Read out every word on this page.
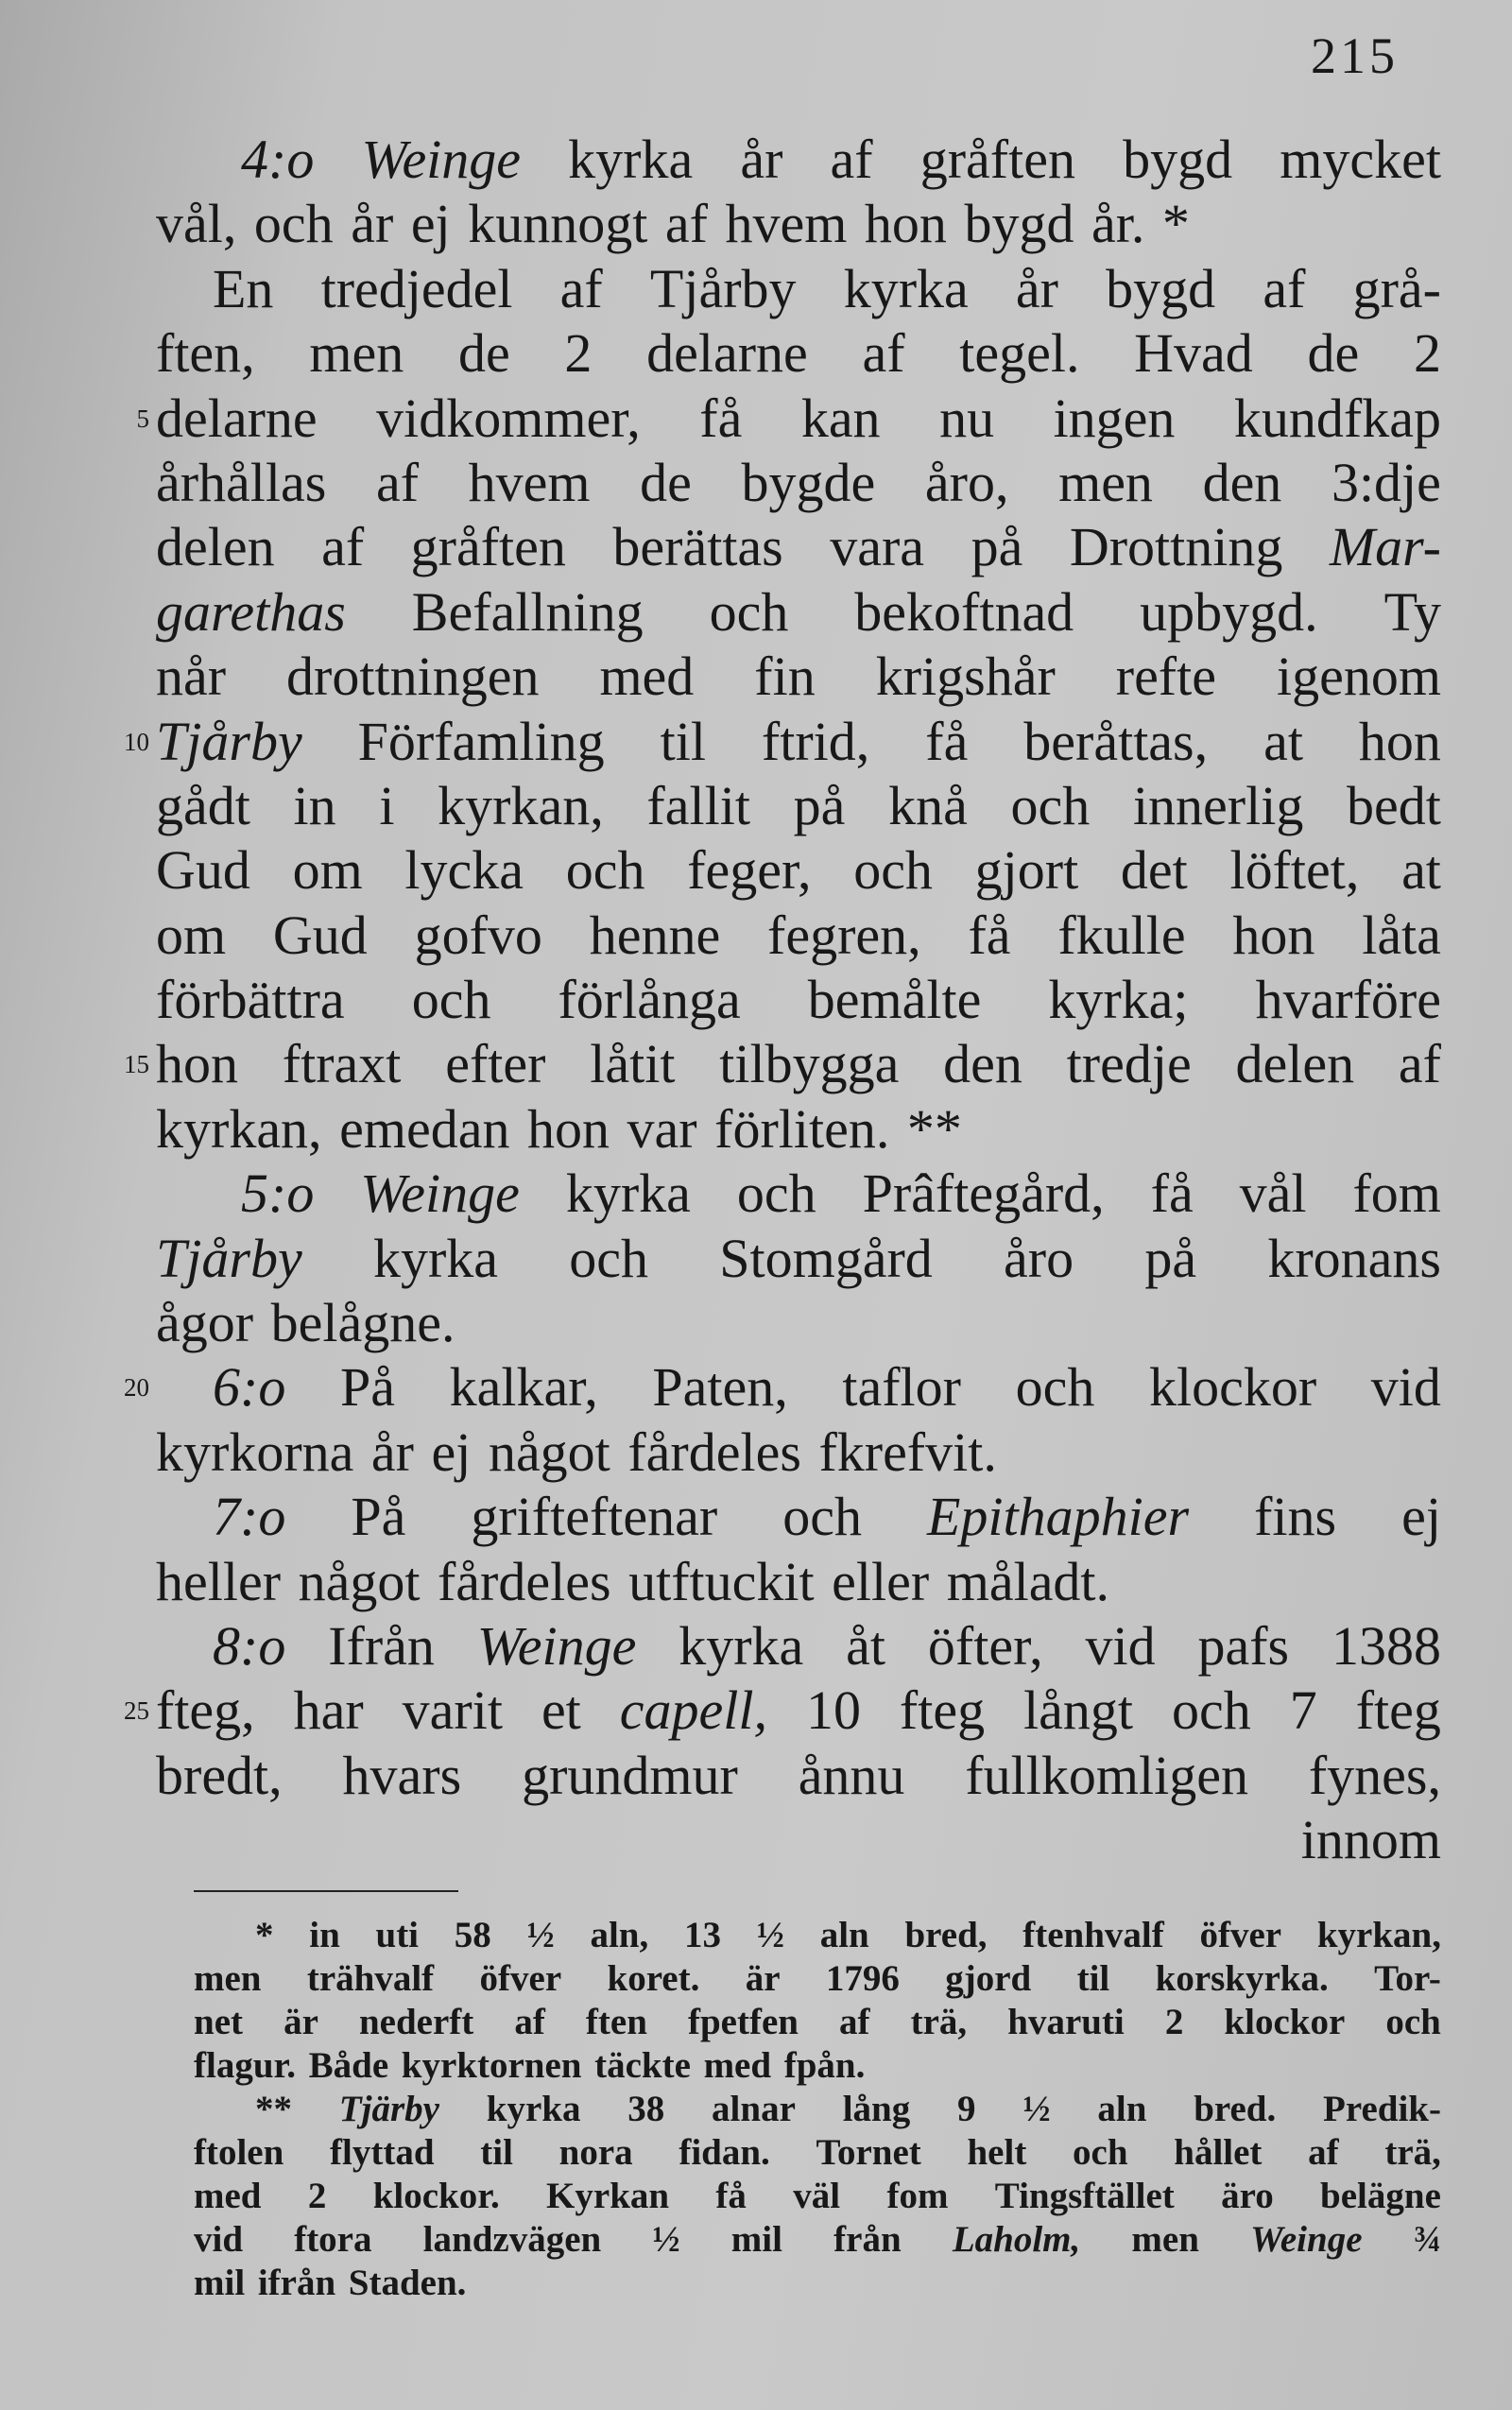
215
4:o Weinge kyrka år af gråften bygd mycket
vål, och år ej kunnogt af hvem hon bygd år. *
En tredjedel af Tjårby kyrka år bygd af grå-
ften, men de 2 delarne af tegel. Hvad de 2
5 delarne vidkommer, få kan nu ingen kundfkap
århållas af hvem de bygde åro, men den 3:dje
delen af gråften berättas vara på Drottning Mar-
garethas Befallning och bekoftnad upbygd. Ty
når drottningen med fin krigshår refte igenom
10 Tjårby Förfamling til ftrid, få beråttas, at hon
gådt in i kyrkan, fallit på knå och innerlig bedt
Gud om lycka och feger, och gjort det löftet, at
om Gud gofvo henne fegren, få fkulle hon låta
förbättra och förlånga bemålte kyrka; hvarföre
15 hon ftraxt efter låtit tilbygga den tredje delen af
kyrkan, emedan hon var förliten. **
5:o Weinge kyrka och Prâftegård, få vål fom
Tjårby kyrka och Stomgård åro på kronans
ågor belågne.
20 6:o På kalkar, Paten, taflor och klockor vid
kyrkorna år ej något fårdeles fkrefvit.
7:o På grifteftenar och Epithaphier fins ej
heller något fårdeles utftuckit eller måladt.
8:o Ifrån Weinge kyrka åt öfter, vid pafs 1388
25 fteg, har varit et capell, 10 fteg långt och 7 fteg
bredt, hvars grundmur ånnu fullkomligen fynes,
innom
* in uti 58 ½ aln, 13 ½ aln bred, ftenhvalf öfver kyrkan,
men trähvalf öfver koret. är 1796 gjord til korskyrka. Tor-
net är nederft af ften fpetfen af trä, hvaruti 2 klockor och
flagur. Både kyrktornen täckte med fpån.
** Tjärby kyrka 38 alnar lång 9 ½ aln bred. Predik-
ftolen flyttad til nora fidan. Tornet helt och hållet af trä,
med 2 klockor. Kyrkan få väl fom Tingsftället äro belägne
vid ftora landzvägen ½ mil från Laholm, men Weinge ¾
mil ifrån Staden.
